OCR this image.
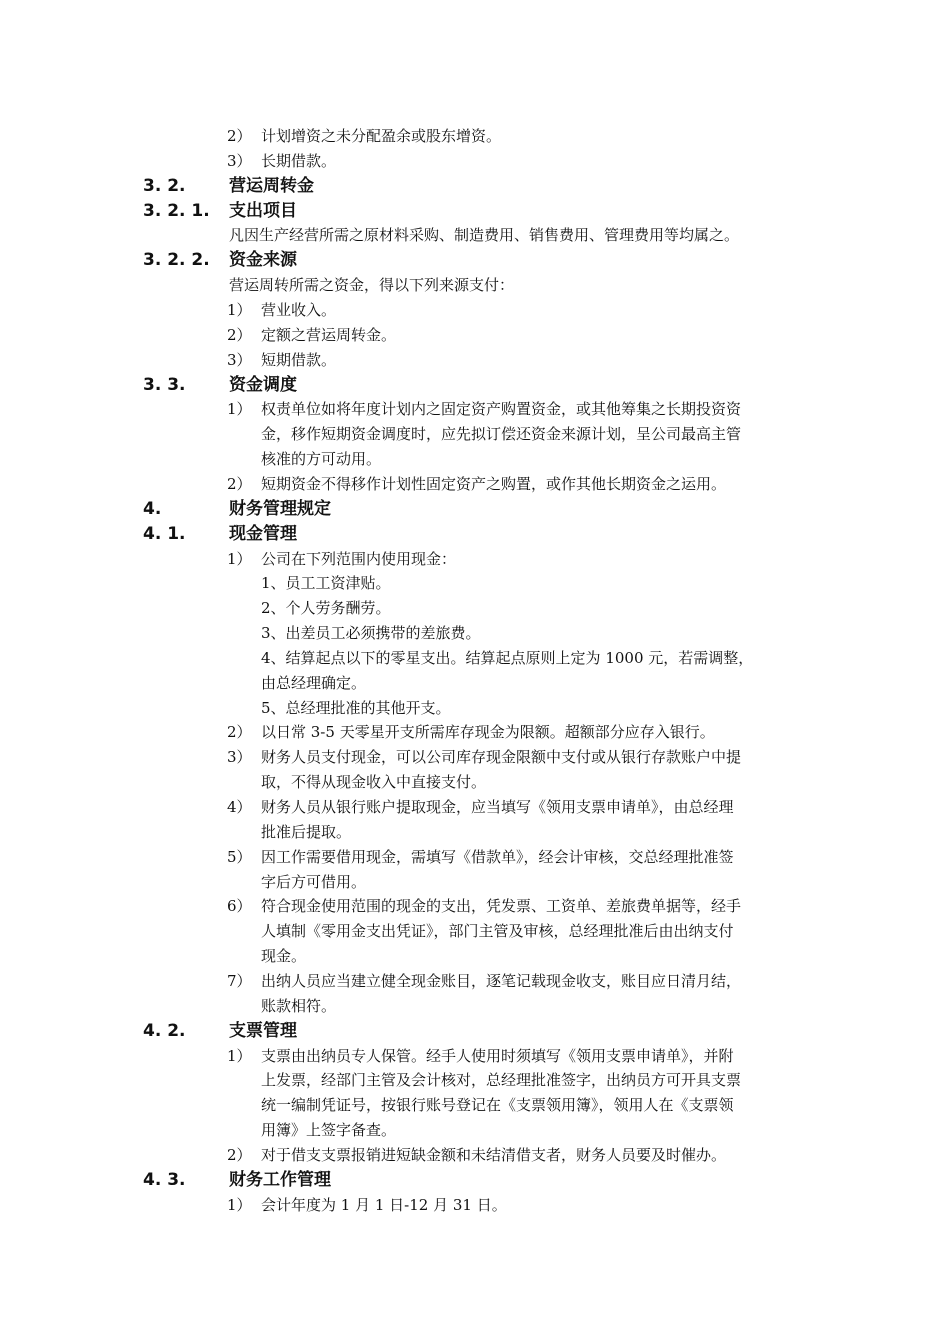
2） 计划增资之未分配盈余或股东增资。
3） 长期借款。
3. 2.	营运周转金
3. 2. 1. 支出项目
凡因生产经营所需之原材料采购、制造费用、销售费用、管理费用等均属之。
3. 2. 2. 资金来源
营运周转所需之资金，得以下列来源支付：
1） 营业收入。
2） 定额之营运周转金。
3） 短期借款。
3. 3.	资金调度
1） 权责单位如将年度计划内之固定资产购置资金，或其他筹集之长期投资资
金，移作短期资金调度时，应先拟订偿还资金来源计划，呈公司最高主管
核准的方可动用。
2） 短期资金不得移作计划性固定资产之购置，或作其他长期资金之运用。
4.	财务管理规定
4. 1.	现金管理
1） 公司在下列范围内使用现金：
1、员工工资津贴。
2、个人劳务酬劳。
3、出差员工必须携带的差旅费。
4、结算起点以下的零星支出。结算起点原则上定为 1000 元，若需调整，
由总经理确定。
5、总经理批准的其他开支。
2） 以日常 3-5 天零星开支所需库存现金为限额。超额部分应存入银行。
3） 财务人员支付现金，可以公司库存现金限额中支付或从银行存款账户中提
取，不得从现金收入中直接支付。
4） 财务人员从银行账户提取现金，应当填写《领用支票申请单》，由总经理
批准后提取。
5） 因工作需要借用现金，需填写《借款单》，经会计审核，交总经理批准签
字后方可借用。
6） 符合现金使用范围的现金的支出，凭发票、工资单、差旅费单据等，经手
人填制《零用金支出凭证》，部门主管及审核，总经理批准后由出纳支付
现金。
7） 出纳人员应当建立健全现金账目，逐笔记载现金收支，账目应日清月结，
账款相符。
4. 2.	支票管理
1） 支票由出纳员专人保管。经手人使用时须填写《领用支票申请单》，并附
上发票，经部门主管及会计核对，总经理批准签字，出纳员方可开具支票
统一编制凭证号，按银行账号登记在《支票领用簿》，领用人在《支票领
用簿》上签字备查。
2） 对于借支支票报销进短缺金额和未结清借支者，财务人员要及时催办。
4. 3.	财务工作管理
1） 会计年度为 1 月 1 日-12 月 31 日。
